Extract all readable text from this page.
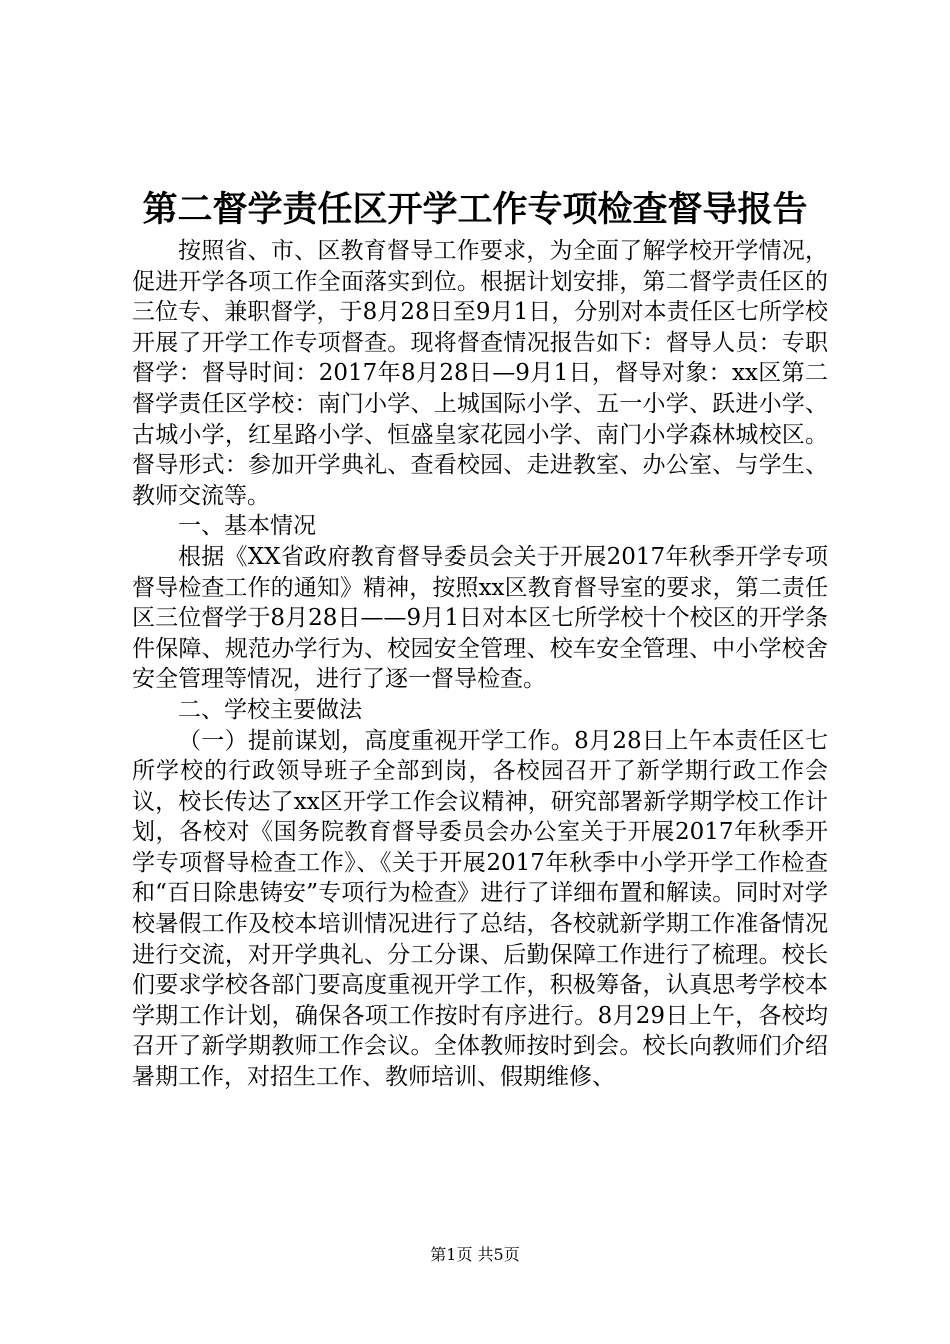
第二督学责任区开学工作专项检查督导报告

按照省、市、区教育督导工作要求，为全面了解学校开学情况，促进开学各项工作全面落实到位。根据计划安排，第二督学责任区的三位专、兼职督学，于8月28日至9月1日，分别对本责任区七所学校开展了开学工作专项督查。现将督查情况报告如下：督导人员：专职督学：督导时间：2017年8月28日—9月1日，督导对象：xx区第二督学责任区学校：南门小学、上城国际小学、五一小学、跃进小学、古城小学，红星路小学、恒盛皇家花园小学、南门小学森林城校区。督导形式：参加开学典礼、查看校园、走进教室、办公室、与学生、教师交流等。

一、基本情况

根据《XX省政府教育督导委员会关于开展2017年秋季开学专项督导检查工作的通知》精神，按照xx区教育督导室的要求，第二责任区三位督学于8月28日——9月1日对本区七所学校十个校区的开学条件保障、规范办学行为、校园安全管理、校车安全管理、中小学校舍安全管理等情况，进行了逐一督导检查。

二、学校主要做法

（一）提前谋划，高度重视开学工作。8月28日上午本责任区七所学校的行政领导班子全部到岗，各校园召开了新学期行政工作会议，校长传达了xx区开学工作会议精神，研究部署新学期学校工作计划，各校对《国务院教育督导委员会办公室关于开展2017年秋季开学专项督导检查工作》、《关于开展2017年秋季中小学开学工作检查和“百日除患铸安”专项行为检查》进行了详细布置和解读。同时对学校暑假工作及校本培训情况进行了总结，各校就新学期工作准备情况进行交流，对开学典礼、分工分课、后勤保障工作进行了梳理。校长们要求学校各部门要高度重视开学工作，积极筹备，认真思考学校本学期工作计划，确保各项工作按时有序进行。8月29日上午，各校均召开了新学期教师工作会议。全体教师按时到会。校长向教师们介绍暑期工作，对招生工作、教师培训、假期维修、

第1页 共5页
